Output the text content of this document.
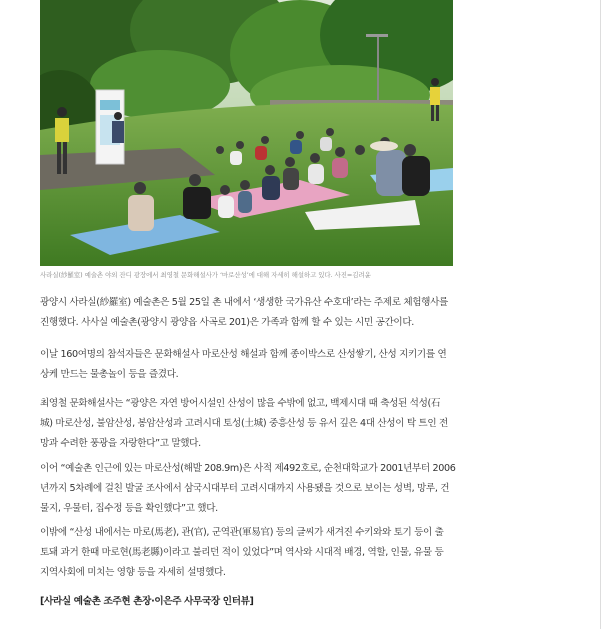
사라실(紗羅室) 예술촌 야외 잔디 광장에서 최영철 문화해설사가 ‘마로산성’에 대해 자세히 해설하고 있다. 사진=김려윤
광양시 사라실(紗羅室) 예술촌은 5월 25일 촌 내에서 ‘생생한 국가유산 수호대’라는 주제로 체험행사를
진행했다. 사사실 예술촌(광양시 광양읍 사곡로 201)은 가족과 함께 할 수 있는 시민 공간이다.
이날 160여명의 참석자들은 문화해설사 마로산성 해설과 함께 종이박스로 산성쌓기, 산성 지키기를 연
상케 만드는 물총놀이 등을 즐겼다.
최영철 문화해설사는 “광양은 자연 방어시설인 산성이 많을 수밖에 없고, 백제시대 때 축성된 석성(石
城) 마로산성, 불암산성, 봉암산성과 고려시대 토성(土城) 중흥산성 등 유서 깊은 4대 산성이 탁 트인 전
망과 수려한 풍광을 자랑한다”고 말했다.
이어 “예술촌 인근에 있는 마로산성(해발 208.9m)은 사적 제492호로, 순천대학교가 2001년부터 2006
년까지 5차례에 걸친 발굴 조사에서 삼국시대부터 고려시대까지 사용됐을 것으로 보이는 성벽, 망루, 건
물지, 우물터, 집수정 등을 확인했다”고 했다.
이밖에 “산성 내에서는 마로(馬老), 관(官), 군역관(軍易官) 등의 글씨가 새겨진 수키와와 토기 등이 출
토돼 과거 한때 마로현(馬老縣)이라고 불리던 적이 있었다”며 역사와 시대적 배경, 역할, 인물, 유물 등
지역사회에 미치는 영향 등을 자세히 설명했다.
[사라실 예술촌 조주현 촌장·이은주 사무국장 인터뷰]
